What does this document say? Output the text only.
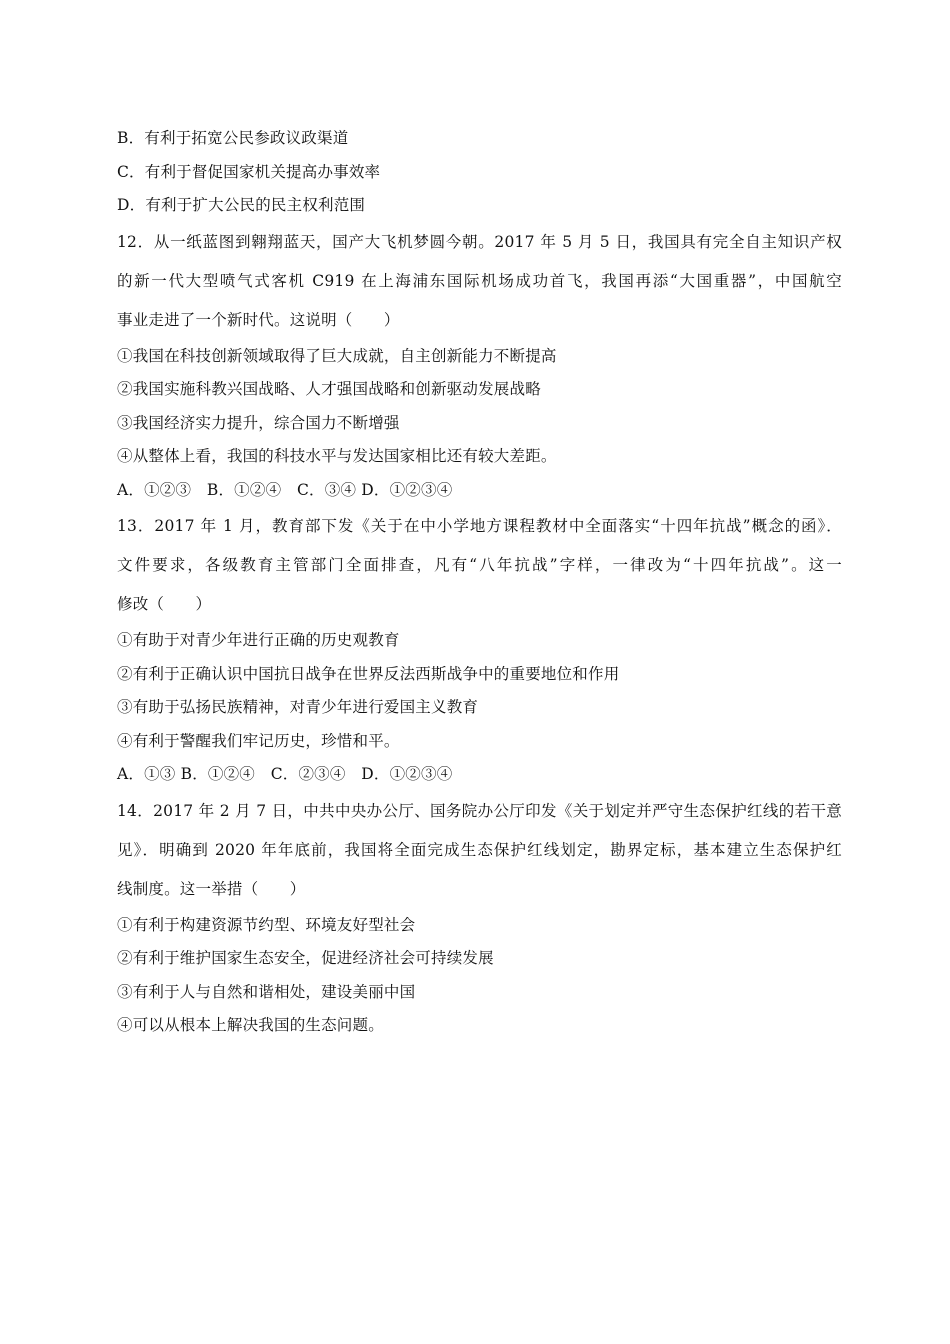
B．有利于拓宽公民参政议政渠道
C．有利于督促国家机关提高办事效率
D．有利于扩大公民的民主权利范围
12．从一纸蓝图到翱翔蓝天，国产大飞机梦圆今朝。2017 年 5 月 5 日，我国具有完全自主知识产权
的新一代大型喷气式客机 C919 在上海浦东国际机场成功首飞，我国再添“大国重器”，中国航空
事业走进了一个新时代。这说明（　　）
①我国在科技创新领域取得了巨大成就，自主创新能力不断提高
②我国实施科教兴国战略、人才强国战略和创新驱动发展战略
③我国经济实力提升，综合国力不断增强
④从整体上看，我国的科技水平与发达国家相比还有较大差距。
A．①②③　B．①②④　C．③④ D．①②③④
13．2017 年 1 月，教育部下发《关于在中小学地方课程教材中全面落实“十四年抗战”概念的函》．
文件要求，各级教育主管部门全面排查，凡有“八年抗战”字样，一律改为“十四年抗战”。这一
修改（　　）
①有助于对青少年进行正确的历史观教育
②有利于正确认识中国抗日战争在世界反法西斯战争中的重要地位和作用
③有助于弘扬民族精神，对青少年进行爱国主义教育
④有利于警醒我们牢记历史，珍惜和平。
A．①③ B．①②④　C．②③④　D．①②③④
14．2017 年 2 月 7 日，中共中央办公厅、国务院办公厅印发《关于划定并严守生态保护红线的若干意
见》．明确到 2020 年年底前，我国将全面完成生态保护红线划定，勘界定标，基本建立生态保护红
线制度。这一举措（　　）
①有利于构建资源节约型、环境友好型社会
②有利于维护国家生态安全，促进经济社会可持续发展
③有利于人与自然和谐相处，建设美丽中国
④可以从根本上解决我国的生态问题。
